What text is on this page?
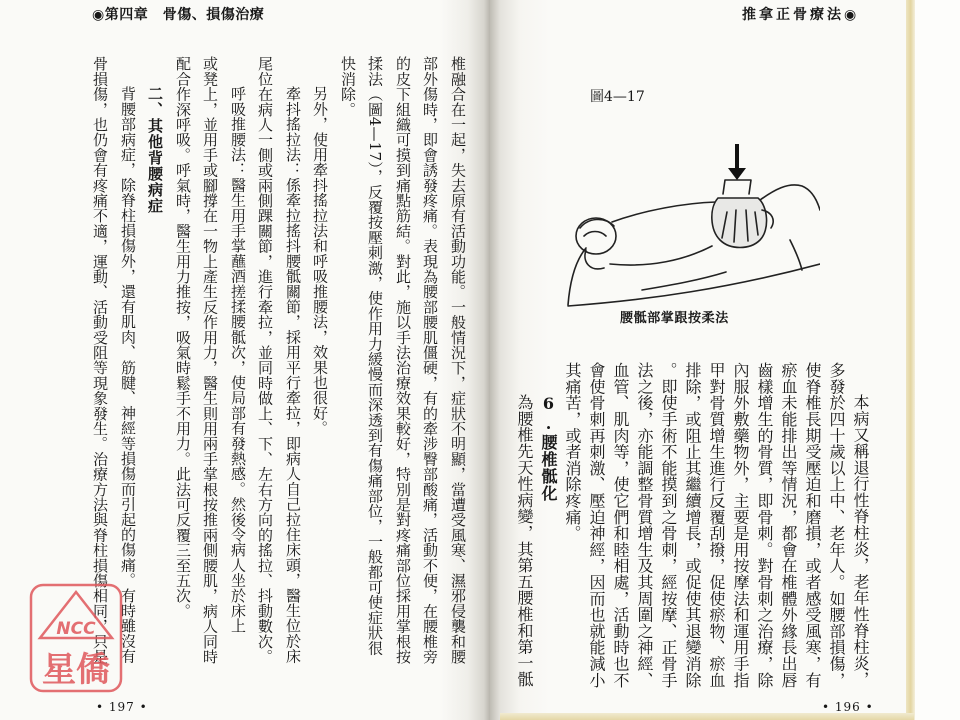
◉第四章　骨傷、損傷治療	推拿正骨療法◉
圖4—17
腰骶部掌跟按柔法
本病又稱退行性脊柱炎，老年性脊柱炎，
多發於四十歲以上中、老年人。如腰部損傷，
使脊椎長期受壓迫和磨損，或者感受風寒，有
瘀血未能排出等情況，都會在椎體外緣長出唇
齒樣增生的骨質，即骨刺。對骨刺之治療，除
內服外敷藥物外，主要是用按摩法和運用手指
甲對骨質增生進行反覆刮撥，促使瘀物、瘀血
排除，或阻止其繼續增長，或促使其退變消除
。即使手術不能摸到之骨刺，經按摩、正骨手
法之後，亦能調整骨質增生及其周圍之神經、
血管、肌肉等，使它們和睦相處，活動時也不
會使骨刺再刺激、壓迫神經，因而也就能減小
其痛苦，或者消除疼痛。
6.腰椎骶化
為腰椎先天性病變，其第五腰椎和第一骶
椎融合在一起，失去原有活動功能。一般情況下，症狀不明顯，當遭受風寒、濕邪侵襲和腰
部外傷時，即會誘發疼痛。表現為腰部腰肌僵硬，有的牽涉臀部酸痛，活動不便，在腰椎旁
的皮下組織可摸到痛點筋結。對此，施以手法治療效果較好，特別是對疼痛部位採用掌根按
揉法（圖4—17），反覆按壓刺激，使作用力緩慢而深透到有傷痛部位，一般都可使症狀很
快消除。
另外，使用牽抖搖拉法和呼吸推腰法，效果也很好。
牽抖搖拉法：係牽拉搖抖腰骶關節，採用平行牽拉，即病人自己拉住床頭，醫生位於床
尾位在病人一側或兩側踝關節，進行牽拉，並同時做上、下、左右方向的搖拉、抖動數次。
呼吸推腰法：醫生用手掌蘸酒搓揉腰骶次，使局部有發熱感。然後令病人坐於床上
或凳上，並用手或腳撐在一物上產生反作用力，醫生則用兩手掌根按推兩側腰肌，病人同時
配合作深呼吸。呼氣時，醫生用力推按，吸氣時鬆手不用力。此法可反覆三至五次。
二、其他背腰病症
背腰部病症，除脊柱損傷外，還有肌肉、筋腱、神經等損傷而引起的傷痛。有時雖沒有
骨損傷，也仍會有疼痛不適，運動、活動受阻等現象發生。治療方法與脊柱損傷相同，只是
• 197 •	• 196 •
NCC
星僑
